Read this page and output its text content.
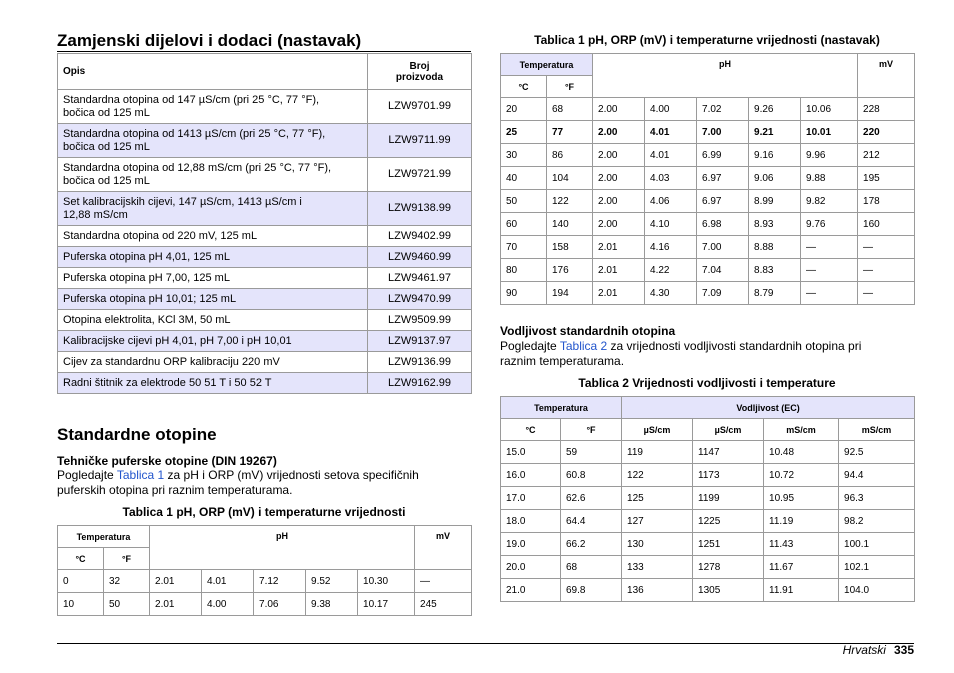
Zamjenski dijelovi i dodaci (nastavak)
Opis	Broj
proizvoda
Standardna otopina od 147 µS/cm (pri 25 °C, 77 °F),
bočica od 125 mL	LZW9701.99
Standardna otopina od 1413 µS/cm (pri 25 °C, 77 °F),
bočica od 125 mL	LZW9711.99
Standardna otopina od 12,88 mS/cm (pri 25 °C, 77 °F),
bočica od 125 mL	LZW9721.99
Set kalibracijskih cijevi, 147 µS/cm, 1413 µS/cm i
12,88 mS/cm	LZW9138.99
Standardna otopina od 220 mV, 125 mL	LZW9402.99
Puferska otopina pH 4,01, 125 mL	LZW9460.99
Puferska otopina pH 7,00, 125 mL	LZW9461.97
Puferska otopina pH 10,01; 125 mL	LZW9470.99
Otopina elektrolita, KCl 3M, 50 mL	LZW9509.99
Kalibracijske cijevi pH 4,01, pH 7,00 i pH 10,01	LZW9137.97
Cijev za standardnu ORP kalibraciju 220 mV	LZW9136.99
Radni štitnik za elektrode 50 51 T i 50 52 T	LZW9162.99
Standardne otopine
Tehničke puferske otopine (DIN 19267)
Pogledajte Tablica 1 za pH i ORP (mV) vrijednosti setova specifičnih
puferskih otopina pri raznim temperaturama.
Tablica 1 pH, ORP (mV) i temperaturne vrijednosti
Temperatura		pH					mV
°C	°F						
0	32	2.01	4.01	7.12	9.52	10.30	—
10	50	2.01	4.00	7.06	9.38	10.17	245
Tablica 1 pH, ORP (mV) i temperaturne vrijednosti (nastavak)
Temperatura		pH					mV
°C	°F						
20	68	2.00	4.00	7.02	9.26	10.06	228
25	77	2.00	4.01	7.00	9.21	10.01	220
30	86	2.00	4.01	6.99	9.16	9.96	212
40	104	2.00	4.03	6.97	9.06	9.88	195
50	122	2.00	4.06	6.97	8.99	9.82	178
60	140	2.00	4.10	6.98	8.93	9.76	160
70	158	2.01	4.16	7.00	8.88	—	—
80	176	2.01	4.22	7.04	8.83	—	—
90	194	2.01	4.30	7.09	8.79	—	—
Vodljivost standardnih otopina
Pogledajte Tablica 2 za vrijednosti vodljivosti standardnih otopina pri
raznim temperaturama.
Tablica 2 Vrijednosti vodljivosti i temperature
Temperatura		Vodljivost (EC)			
°C	°F	µS/cm	µS/cm	mS/cm	mS/cm
15.0	59	119	1147	10.48	92.5
16.0	60.8	122	1173	10.72	94.4
17.0	62.6	125	1199	10.95	96.3
18.0	64.4	127	1225	11.19	98.2
19.0	66.2	130	1251	11.43	100.1
20.0	68	133	1278	11.67	102.1
21.0	69.8	136	1305	11.91	104.0
Hrvatski 335
